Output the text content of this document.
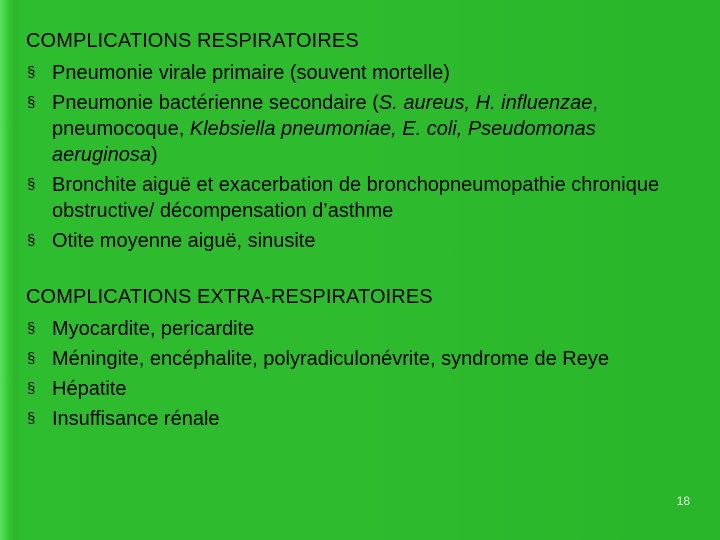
COMPLICATIONS RESPIRATOIRES

§ Pneumonie virale primaire (souvent mortelle)
§ Pneumonie bactérienne secondaire (S. aureus, H. influenzae, pneumocoque, Klebsiella pneumoniae, E. coli, Pseudomonas aeruginosa)
§ Bronchite aiguë et exacerbation de bronchopneumopathie chronique obstructive/ décompensation d’asthme
§ Otite moyenne aiguë, sinusite

COMPLICATIONS EXTRA-RESPIRATOIRES

§ Myocardite, pericardite
§ Méningite, encéphalite, polyradiculonévrite, syndrome de Reye
§ Hépatite
§ Insuffisance rénale
18
